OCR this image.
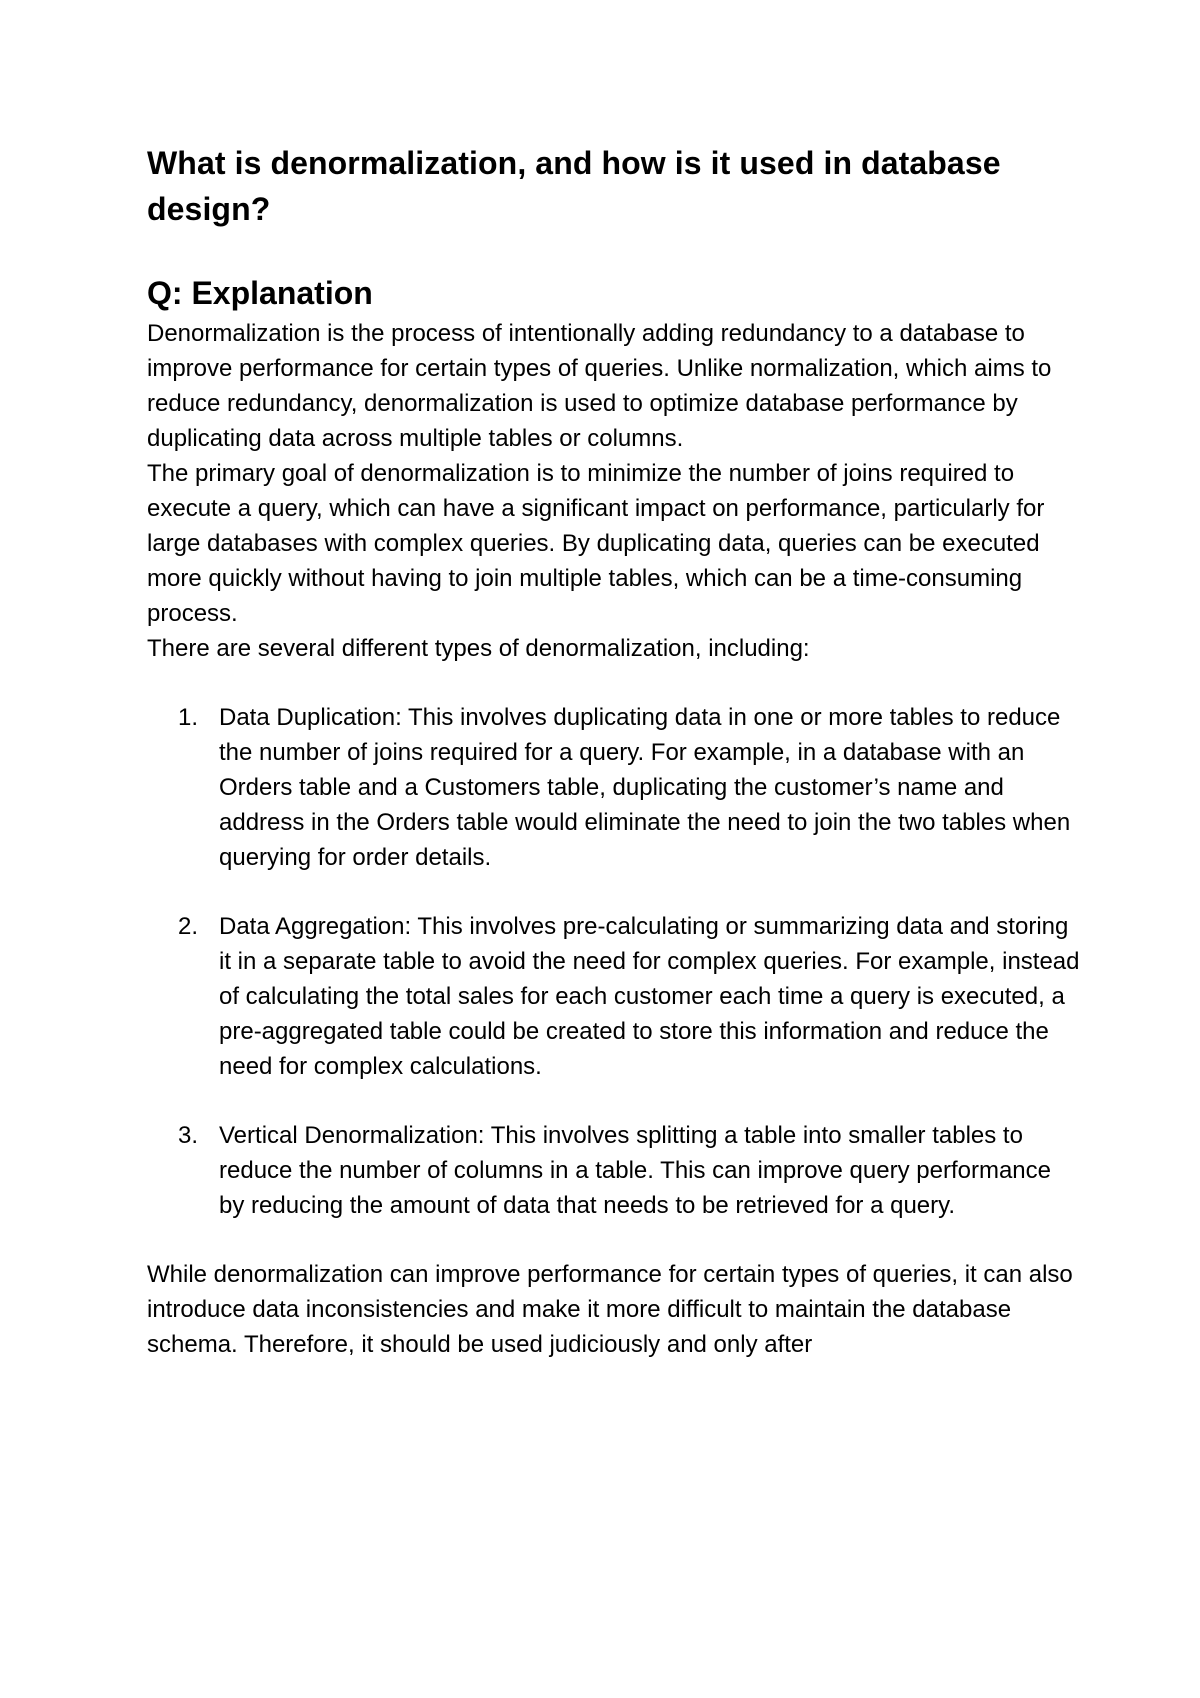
What is denormalization, and how is it used in database design?
Q: Explanation

Denormalization is the process of intentionally adding redundancy to a database to improve performance for certain types of queries. Unlike normalization, which aims to reduce redundancy, denormalization is used to optimize database performance by duplicating data across multiple tables or columns.

The primary goal of denormalization is to minimize the number of joins required to execute a query, which can have a significant impact on performance, particularly for large databases with complex queries. By duplicating data, queries can be executed more quickly without having to join multiple tables, which can be a time-consuming process.

There are several different types of denormalization, including:

1. Data Duplication: This involves duplicating data in one or more tables to reduce the number of joins required for a query. For example, in a database with an Orders table and a Customers table, duplicating the customer’s name and address in the Orders table would eliminate the need to join the two tables when querying for order details.
2. Data Aggregation: This involves pre-calculating or summarizing data and storing it in a separate table to avoid the need for complex queries. For example, instead of calculating the total sales for each customer each time a query is executed, a pre-aggregated table could be created to store this information and reduce the need for complex calculations.
3. Vertical Denormalization: This involves splitting a table into smaller tables to reduce the number of columns in a table. This can improve query performance by reducing the amount of data that needs to be retrieved for a query.

While denormalization can improve performance for certain types of queries, it can also introduce data inconsistencies and make it more difficult to maintain the database schema. Therefore, it should be used judiciously and only after
